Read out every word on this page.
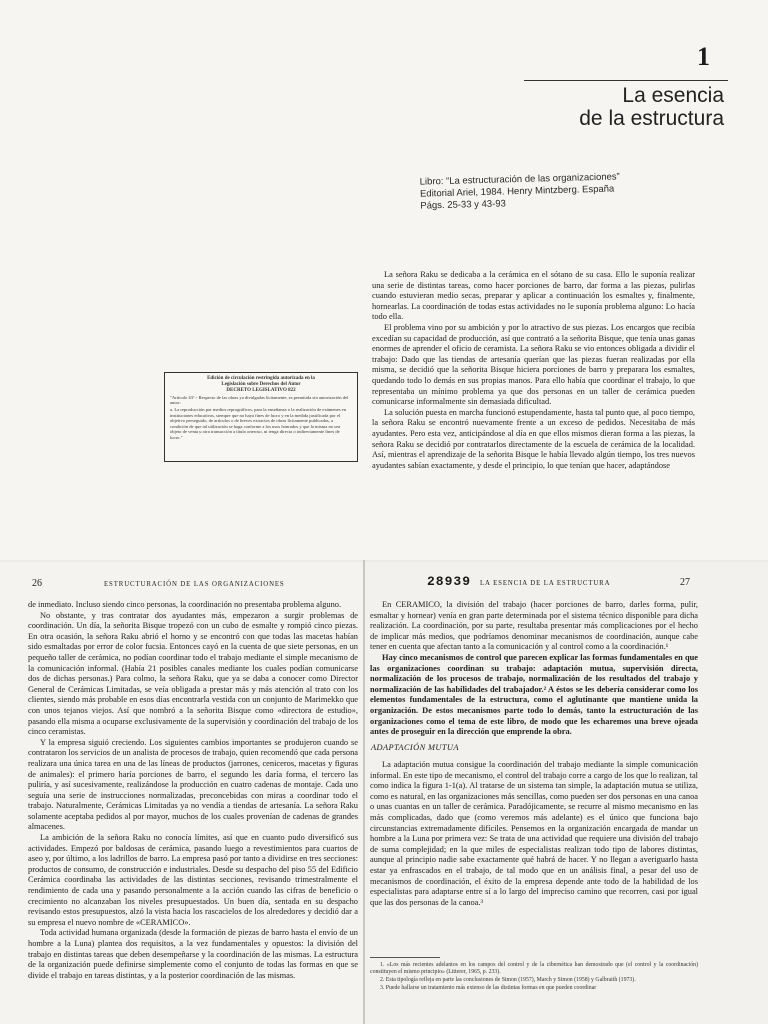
1
La esencia
de la estructura
Libro: “La estructuración de las organizaciones”
Editorial Ariel, 1984. Henry Mintzberg. España
Págs. 25-33 y 43-93
Edición de circulación restringida autorizada en la
Legislación sobre Derechos del Autor
DECRETO LEGISLATIVO 822

"Artículo 43°.- Respecto de las obras ya divulgadas lícitamente, es permitida sin autorización del autor:

a. La reproducción por medios reprográficos, para la enseñanza o la realización de exámenes en instituciones educativas, siempre que no haya fines de lucro y en la medida justificada por el objetivo perseguido, de artículos o de breves extractos de obras lícitamente publicadas, a condición de que tal utilización se haga conforme a los usos honrados y que la misma no sea objeto de venta u otra transacción a título oneroso, ni tenga directa o indirectamente fines de lucro."

La señora Raku se dedicaba a la cerámica en el sótano de su casa. Ello le suponía realizar una serie de distintas tareas, como hacer porciones de barro, dar forma a las piezas, pulirlas cuando estuvieran medio secas, preparar y aplicar a continuación los esmaltes y, finalmente, hornearlas. La coordinación de todas estas actividades no le suponía problema alguno: Lo hacía todo ella.

El problema vino por su ambición y por lo atractivo de sus piezas. Los encargos que recibía excedían su capacidad de producción, así que contrató a la señorita Bisque, que tenía unas ganas enormes de aprender el oficio de ceramista. La señora Raku se vio entonces obligada a dividir el trabajo: Dado que las tiendas de artesanía querían que las piezas fueran realizadas por ella misma, se decidió que la señorita Bisque hiciera porciones de barro y preparara los esmaltes, quedando todo lo demás en sus propias manos. Para ello había que coordinar el trabajo, lo que representaba un mínimo problema ya que dos personas en un taller de cerámica pueden comunicarse informalmente sin demasiada dificultad.

La solución puesta en marcha funcionó estupendamente, hasta tal punto que, al poco tiempo, la señora Raku se encontró nuevamente frente a un exceso de pedidos. Necesitaba de más ayudantes. Pero esta vez, anticipándose al día en que ellos mismos dieran forma a las piezas, la señora Raku se decidió por contratarlos directamente de la escuela de cerámica de la localidad. Así, mientras el aprendizaje de la señorita Bisque le había llevado algún tiempo, los tres nuevos ayudantes sabían exactamente, y desde el principio, lo que tenían que hacer, adaptándose

26	ESTRUCTURACIÓN DE LAS ORGANIZACIONES

de inmediato. Incluso siendo cinco personas, la coordinación no presentaba problema alguno.

No obstante, y tras contratar dos ayudantes más, empezaron a surgir problemas de coordinación. Un día, la señorita Bisque tropezó con un cubo de esmalte y rompió cinco piezas. En otra ocasión, la señora Raku abrió el horno y se encontró con que todas las macetas habían sido esmaltadas por error de color fucsia. Entonces cayó en la cuenta de que siete personas, en un pequeño taller de cerámica, no podían coordinar todo el trabajo mediante el simple mecanismo de la comunicación informal. (Había 21 posibles canales mediante los cuales podían comunicarse dos de dichas personas.) Para colmo, la señora Raku, que ya se daba a conocer como Director General de Cerámicas Limitadas, se veía obligada a prestar más y más atención al trato con los clientes, siendo más probable en esos días encontrarla vestida con un conjunto de Marimekko que con unos tejanos viejos. Así que nombró a la señorita Bisque como «directora de estudio», pasando ella misma a ocuparse exclusivamente de la supervisión y coordinación del trabajo de los cinco ceramistas.

Y la empresa siguió creciendo. Los siguientes cambios importantes se produjeron cuando se contrataron los servicios de un analista de procesos de trabajo, quien recomendó que cada persona realizara una única tarea en una de las líneas de productos (jarrones, ceniceros, macetas y figuras de animales): el primero haría porciones de barro, el segundo les daría forma, el tercero las puliría, y así sucesivamente, realizándose la producción en cuatro cadenas de montaje. Cada uno seguía una serie de instrucciones normalizadas, preconcebidas con miras a coordinar todo el trabajo. Naturalmente, Cerámicas Limitadas ya no vendía a tiendas de artesanía. La señora Raku solamente aceptaba pedidos al por mayor, muchos de los cuales provenían de cadenas de grandes almacenes.

La ambición de la señora Raku no conocía límites, así que en cuanto pudo diversificó sus actividades. Empezó por baldosas de cerámica, pasando luego a revestimientos para cuartos de aseo y, por último, a los ladrillos de barro. La empresa pasó por tanto a dividirse en tres secciones: productos de consumo, de construcción e industriales. Desde su despacho del piso 55 del Edificio Cerámica coordinaba las actividades de las distintas secciones, revisando trimestralmente el rendimiento de cada una y pasando personalmente a la acción cuando las cifras de beneficio o crecimiento no alcanzaban los niveles presupuestados. Un buen día, sentada en su despacho revisando estos presupuestos, alzó la vista hacia los rascacielos de los alrededores y decidió dar a su empresa el nuevo nombre de «CERAMICO».

Toda actividad humana organizada (desde la formación de piezas de barro hasta el envío de un hombre a la Luna) plantea dos requisitos, a la vez fundamentales y opuestos: la división del trabajo en distintas tareas que deben desempeñarse y la coordinación de las mismas. La estructura de la organización puede definirse simplemente como el conjunto de todas las formas en que se divide el trabajo en tareas distintas, y a la posterior coordinación de las mismas.

28939 LA ESENCIA DE LA ESTRUCTURA	27

En CERAMICO, la división del trabajo (hacer porciones de barro, darles forma, pulir, esmaltar y hornear) venía en gran parte determinada por el sistema técnico disponible para dicha realización. La coordinación, por su parte, resultaba presentar más complicaciones por el hecho de implicar más medios, que podríamos denominar mecanismos de coordinación, aunque cabe tener en cuenta que afectan tanto a la comunicación y al control como a la coordinación.¹

Hay cinco mecanismos de control que parecen explicar las formas fundamentales en que las organizaciones coordinan su trabajo: adaptación mutua, supervisión directa, normalización de los procesos de trabajo, normalización de los resultados del trabajo y normalización de las habilidades del trabajador.² A éstos se les debería considerar como los elementos fundamentales de la estructura, como el aglutinante que mantiene unida la organización. De estos mecanismos parte todo lo demás, tanto la estructuración de las organizaciones como el tema de este libro, de modo que les echaremos una breve ojeada antes de proseguir en la dirección que emprende la obra.

ADAPTACIÓN MUTUA

La adaptación mutua consigue la coordinación del trabajo mediante la simple comunicación informal. En este tipo de mecanismo, el control del trabajo corre a cargo de los que lo realizan, tal como indica la figura 1-1(a). Al tratarse de un sistema tan simple, la adaptación mutua se utiliza, como es natural, en las organizaciones más sencillas, como pueden ser dos personas en una canoa o unas cuantas en un taller de cerámica. Paradójicamente, se recurre al mismo mecanismo en las más complicadas, dado que (como veremos más adelante) es el único que funciona bajo circunstancias extremadamente difíciles. Pensemos en la organización encargada de mandar un hombre a la Luna por primera vez: Se trata de una actividad que requiere una división del trabajo de suma complejidad; en la que miles de especialistas realizan todo tipo de labores distintas, aunque al principio nadie sabe exactamente qué habrá de hacer. Y no llegan a averiguarlo hasta estar ya enfrascados en el trabajo, de tal modo que en un análisis final, a pesar del uso de mecanismos de coordinación, el éxito de la empresa depende ante todo de la habilidad de los especialistas para adaptarse entre sí a lo largo del impreciso camino que recorren, casi por igual que las dos personas de la canoa.³

1. «Los más recientes adelantos en los campos del control y de la cibernética han demostrado que (el control y la coordinación) constituyen el mismo principio» (Litterer, 1965, p. 233).

2. Esta tipología refleja en parte las conclusiones de Simon (1957), March y Simon (1958) y Galbraith (1973).

3. Puede hallarse un tratamiento más extenso de las distintas formas en que pueden coordinar
